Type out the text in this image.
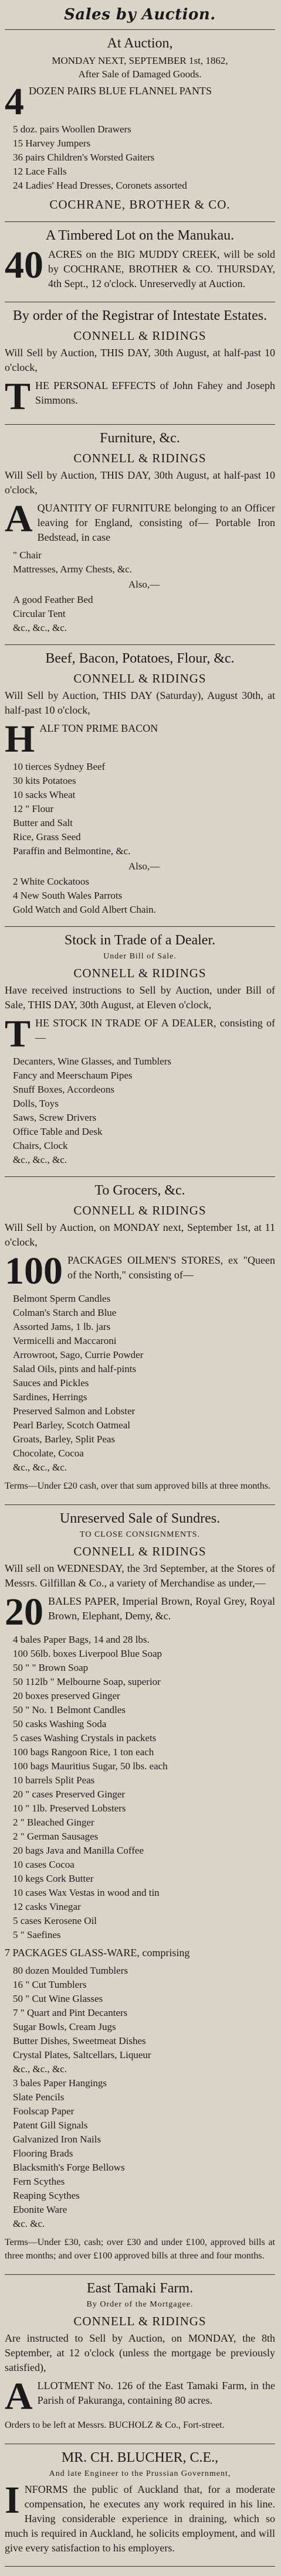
Sales by Auction.
At Auction,
MONDAY NEXT, SEPTEMBER 1st, 1862,
After Sale of Damaged Goods.
4 DOZEN PAIRS BLUE FLANNEL PANTS
5 doz. pairs Woollen Drawers
15 Harvey Jumpers
36 pairs Children's Worsted Gaiters
12 Lace Falls
24 Ladies' Head Dresses, Coronets assorted
COCHRANE, BROTHER & CO.
A Timbered Lot on the Manukau.
40 ACRES on the BIG MUDDY CREEK, will be sold by COCHRANE, BROTHER & CO. THURSDAY, 4th Sept., 12 o'clock. Unreservedly at Auction.
By order of the Registrar of Intestate Estates.
CONNELL & RIDINGS
Will Sell by Auction, THIS DAY, 30th August, at half-past 10 o'clock,
THE PERSONAL EFFECTS of John Fahey and Joseph Simmons.
Furniture, &c.
CONNELL & RIDINGS
Will Sell by Auction, THIS DAY, 30th August, at half-past 10 o'clock,
AQUANTITY OF FURNITURE belonging to an Officer leaving for England, consisting of— Portable Iron Bedstead, in case
" Chair
Mattresses, Army Chests, &c.
Also,—
A good Feather Bed
Circular Tent
&c., &c., &c.
Beef, Bacon, Potatoes, Flour, &c.
CONNELL & RIDINGS
Will Sell by Auction, THIS DAY (Saturday), August 30th, at half-past 10 o'clock,
HALF TON PRIME BACON
10 tierces Sydney Beef
30 kits Potatoes
10 sacks Wheat
12 " Flour
Butter and Salt
Rice, Grass Seed
Paraffin and Belmontine, &c.
Also,—
2 White Cockatoos
4 New South Wales Parrots
Gold Watch and Gold Albert Chain.
Stock in Trade of a Dealer.
Under Bill of Sale.
CONNELL & RIDINGS
Have received instructions to Sell by Auction, under Bill of Sale, THIS DAY, 30th August, at Eleven o'clock,
THE STOCK IN TRADE OF A DEALER, consisting of—
Decanters, Wine Glasses, and Tumblers
Fancy and Meerschaum Pipes
Snuff Boxes, Accordeons
Dolls, Toys
Saws, Screw Drivers
Office Table and Desk
Chairs, Clock
&c., &c., &c.
To Grocers, &c.
CONNELL & RIDINGS
Will Sell by Auction, on MONDAY next, September 1st, at 11 o'clock,
100 PACKAGES OILMEN'S STORES, ex "Queen of the North," consisting of—
Belmont Sperm Candles
Colman's Starch and Blue
Assorted Jams, 1 lb. jars
Vermicelli and Maccaroni
Arrowroot, Sago, Currie Powder
Salad Oils, pints and half-pints
Sauces and Pickles
Sardines, Herrings
Preserved Salmon and Lobster
Pearl Barley, Scotch Oatmeal
Groats, Barley, Split Peas
Chocolate, Cocoa
&c., &c., &c.
Terms—Under £20 cash, over that sum approved bills at three months.
Unreserved Sale of Sundres.
TO CLOSE CONSIGNMENTS.
CONNELL & RIDINGS
Will sell on WEDNESDAY, the 3rd September, at the Stores of Messrs. Gilfillan & Co., a variety of Merchandise as under,—
20 BALES PAPER, Imperial Brown, Royal Grey, Royal Brown, Elephant, Demy, &c.
4 bales Paper Bags, 14 and 28 lbs.
100 56lb. boxes Liverpool Blue Soap
50 " " Brown Soap
50 112lb " Melbourne Soap, superior
20 boxes preserved Ginger
50 " No. 1 Belmont Candles
50 casks Washing Soda
5 cases Washing Crystals in packets
100 bags Rangoon Rice, 1 ton each
100 bags Mauritius Sugar, 50 lbs. each
10 barrels Split Peas
20 " cases Preserved Ginger
10 " 1lb. Preserved Lobsters
2 " Bleached Ginger
2 " German Sausages
20 bags Java and Manilla Coffee
10 cases Cocoa
10 kegs Cork Butter
10 cases Wax Vestas in wood and tin
12 casks Vinegar
5 cases Kerosene Oil
5 " Saefines
7 PACKAGES GLASS-WARE, comprising
80 dozen Moulded Tumblers
16 " Cut Tumblers
50 " Cut Wine Glasses
7 " Quart and Pint Decanters
Sugar Bowls, Cream Jugs
Butter Dishes, Sweetmeat Dishes
Crystal Plates, Saltcellars, Liqueur
&c., &c., &c.
3 bales Paper Hangings
Slate Pencils
Foolscap Paper
Patent Gill Signals
Galvanized Iron Nails
Flooring Brads
Blacksmith's Forge Bellows
Fern Scythes
Reaping Scythes
Ebonite Ware
&c. &c.
Terms—Under £30, cash; over £30 and under £100, approved bills at three months; and over £100 approved bills at three and four months.
East Tamaki Farm.
By Order of the Mortgagee.
CONNELL & RIDINGS
Are instructed to Sell by Auction, on MONDAY, the 8th September, at 12 o'clock (unless the mortgage be previously satisfied),
ALLOTMENT No. 126 of the East Tamaki Farm, in the Parish of Pakuranga, containing 80 acres.
Orders to be left at Messrs. BUCHOLZ & Co., Fort-street.
MR. CH. BLUCHER, C.E.,
And late Engineer to the Prussian Government,
INFORMS the public of Auckland that, for a moderate compensation, he executes any work required in his line. Having considerable experience in draining, which so much is required in Auckland, he solicits employment, and will give every satisfaction to his employers.
